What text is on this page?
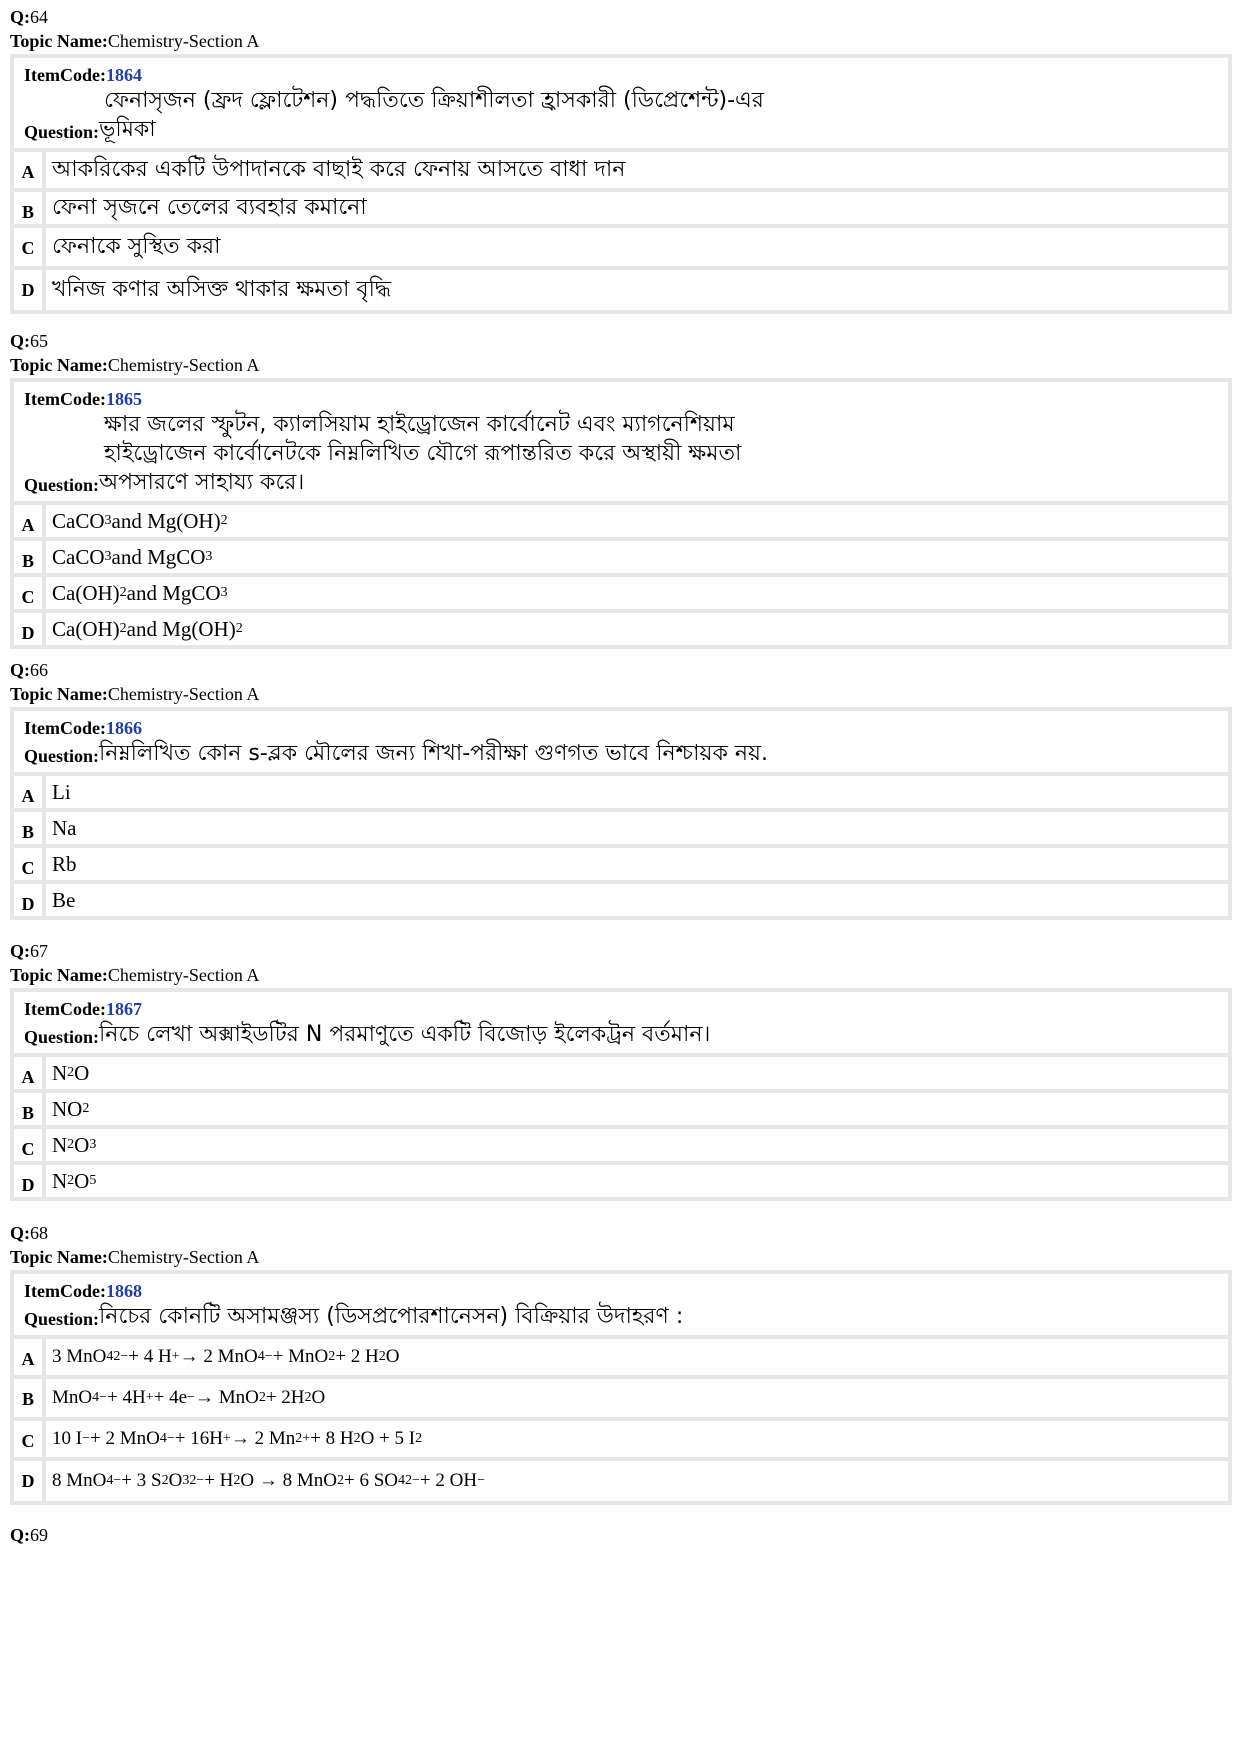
Q:64
Topic Name:Chemistry-Section A
ItemCode:1864
ফেনাসৃজন (ফ্রদ ফ্লোটেশন) পদ্ধতিতে ক্রিয়াশীলতা হ্রাসকারী (ডিপ্রেশেন্ট)-এর
Question: ভূমিকা
A আকরিকের একটি উপাদানকে বাছাই করে ফেনায় আসতে বাধা দান
B ফেনা সৃজনে তেলের ব্যবহার কমানো
C ফেনাকে সুস্থিত করা
D খনিজ কণার অসিক্ত থাকার ক্ষমতা বৃদ্ধি
Q:65
Topic Name:Chemistry-Section A
ItemCode:1865
ক্ষার জলের স্ফুটন, ক্যালসিয়াম হাইড্রোজেন কার্বোনেট এবং ম্যাগনেশিয়াম
হাইড্রোজেন কার্বোনেটকে নিম্নলিখিত যৌগে রূপান্তরিত করে অস্থায়ী ক্ষমতা
Question: অপসারণে সাহায্য করে।
A CaCO 3 and Mg(OH) 2
B CaCO 3 and MgCO 3
C Ca(OH) 2 and MgCO 3
D Ca(OH) 2 and Mg(OH) 2
Q:66
Topic Name:Chemistry-Section A
ItemCode:1866
Question: নিম্নলিখিত কোন s-ব্লক মৌলের জন্য শিখা-পরীক্ষা গুণগত ভাবে নিশ্চায়ক নয়.
A Li
B Na
C Rb
D Be
Q:67
Topic Name:Chemistry-Section A
ItemCode:1867
Question: নিচে লেখা অক্সাইডটির N পরমাণুতে একটি বিজোড় ইলেকট্রন বর্তমান।
A N 2 O
B NO 2
C N 2 O 3
D N 2 O 5
Q:68
Topic Name:Chemistry-Section A
ItemCode:1868
Question: নিচের কোনটি অসামঞ্জস্য (ডিসপ্রপোরশানেসন) বিক্রিয়ার উদাহরণ :
A 3 MnO 4 2− + 4 H + → 2 MnO 4 − + MnO 2 + 2 H 2 O
B MnO 4 − + 4H + + 4e − → MnO 2 + 2H 2 O
C 10 I − + 2 MnO 4 − + 16H + → 2 Mn 2 + + 8 H 2 O + 5 I 2
D 8 MnO 4 − + 3 S 2 O 3 2− + H 2 O → 8 MnO 2 + 6 SO 4 2− + 2 OH −
Q:69
